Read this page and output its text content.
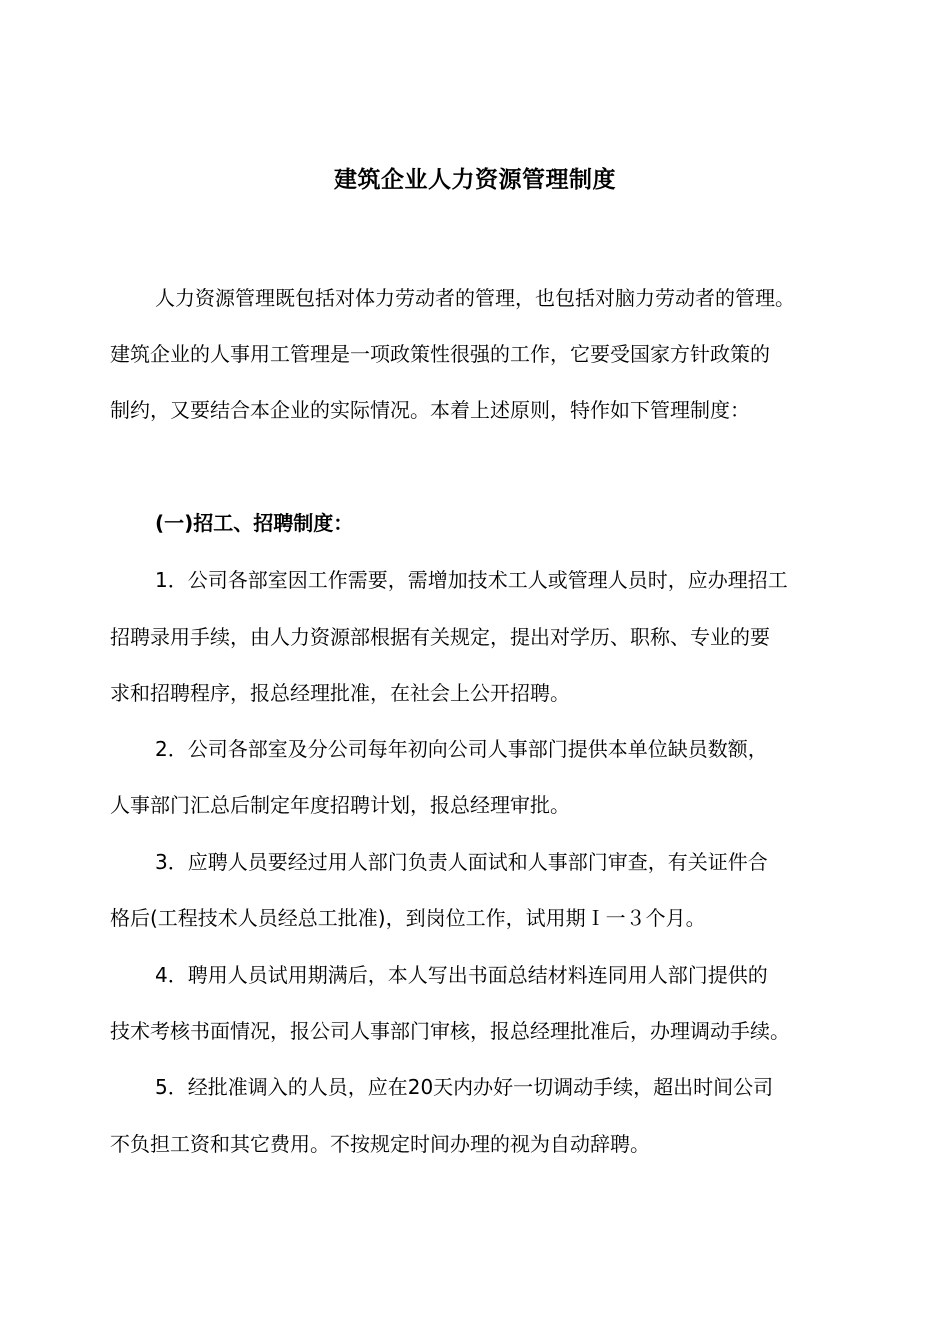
建筑企业人力资源管理制度
人力资源管理既包括对体力劳动者的管理，也包括对脑力劳动者的管理。
建筑企业的人事用工管理是一项政策性很强的工作，它要受国家方针政策的
制约，又要结合本企业的实际情况。本着上述原则，特作如下管理制度：
(一)招工、招聘制度：
1．公司各部室因工作需要，需增加技术工人或管理人员时，应办理招工
招聘录用手续，由人力资源部根据有关规定，提出对学历、职称、专业的要
求和招聘程序，报总经理批准，在社会上公开招聘。
2．公司各部室及分公司每年初向公司人事部门提供本单位缺员数额，
人事部门汇总后制定年度招聘计划，报总经理审批。
3．应聘人员要经过用人部门负责人面试和人事部门审查，有关证件合
格后(工程技术人员经总工批准)，到岗位工作，试用期Ｉ一３个月。
4．聘用人员试用期满后，本人写出书面总结材料连同用人部门提供的
技术考核书面情况，报公司人事部门审核，报总经理批准后，办理调动手续。
5．经批准调入的人员，应在20天内办好一切调动手续，超出时间公司
不负担工资和其它费用。不按规定时间办理的视为自动辞聘。
